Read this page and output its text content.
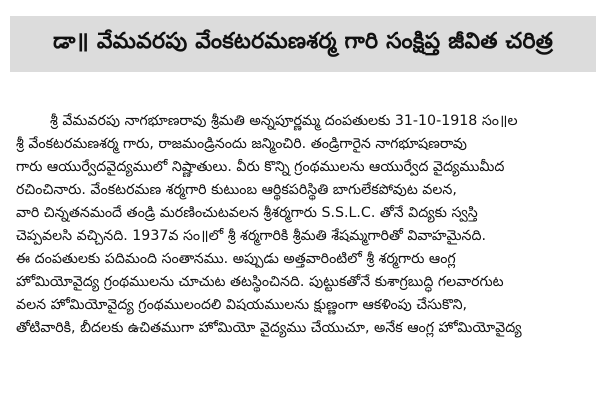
డా॥ వేమవరపు వేంకటరమణశర్మ గారి సంక్షిప్త జీవిత చరిత్ర
శ్రీ వేమవరపు నాగభూణరావు శ్రీమతి అన్నపూర్ణమ్మ దంపతులకు 31-10-1918 సం॥ల
శ్రీ వేంకటరమణశర్మ గారు, రాజమండ్రినందు జన్మించిరి. తండ్రిగారైన నాగభూషణరావు
గారు ఆయుర్వేదవైద్యములో నిష్ణాతులు. వీరు కొన్ని గ్రంథములను ఆయుర్వేద వైద్యముమీద
రచించినారు. వేంకటరమణ శర్మగారి కుటుంబ ఆర్థికపరిస్థితి బాగులేకపోవుట వలన,
వారి చిన్నతనమందే తండ్రి మరణించుటవలన శ్రీశర్మగారు S.S.L.C. తోనే విద్యకు స్వస్తి
చెప్పవలసి వచ్చినది. 1937వ సం॥లో శ్రీ శర్మగారికి శ్రీమతి శేషమ్మగారితో వివాహమైనది.
ఈ దంపతులకు పదిమంది సంతానము. అప్పుడు అత్తవారింటిలో శ్రీ శర్మగారు ఆంగ్ల
హోమియోవైద్య గ్రంథములను చూచుట తటస్థించినది. పుట్టుకతోనే కుశాగ్రబుద్ధి గలవారగుట
వలన హోమియోవైద్య గ్రంథములందలి విషయములను క్షుణ్ణంగా ఆకళింపు చేసుకొని,
తోటివారికి, బీదలకు ఉచితముగా హోమియో వైద్యము చేయుచూ, అనేక ఆంగ్ల హోమియోవైద్య
